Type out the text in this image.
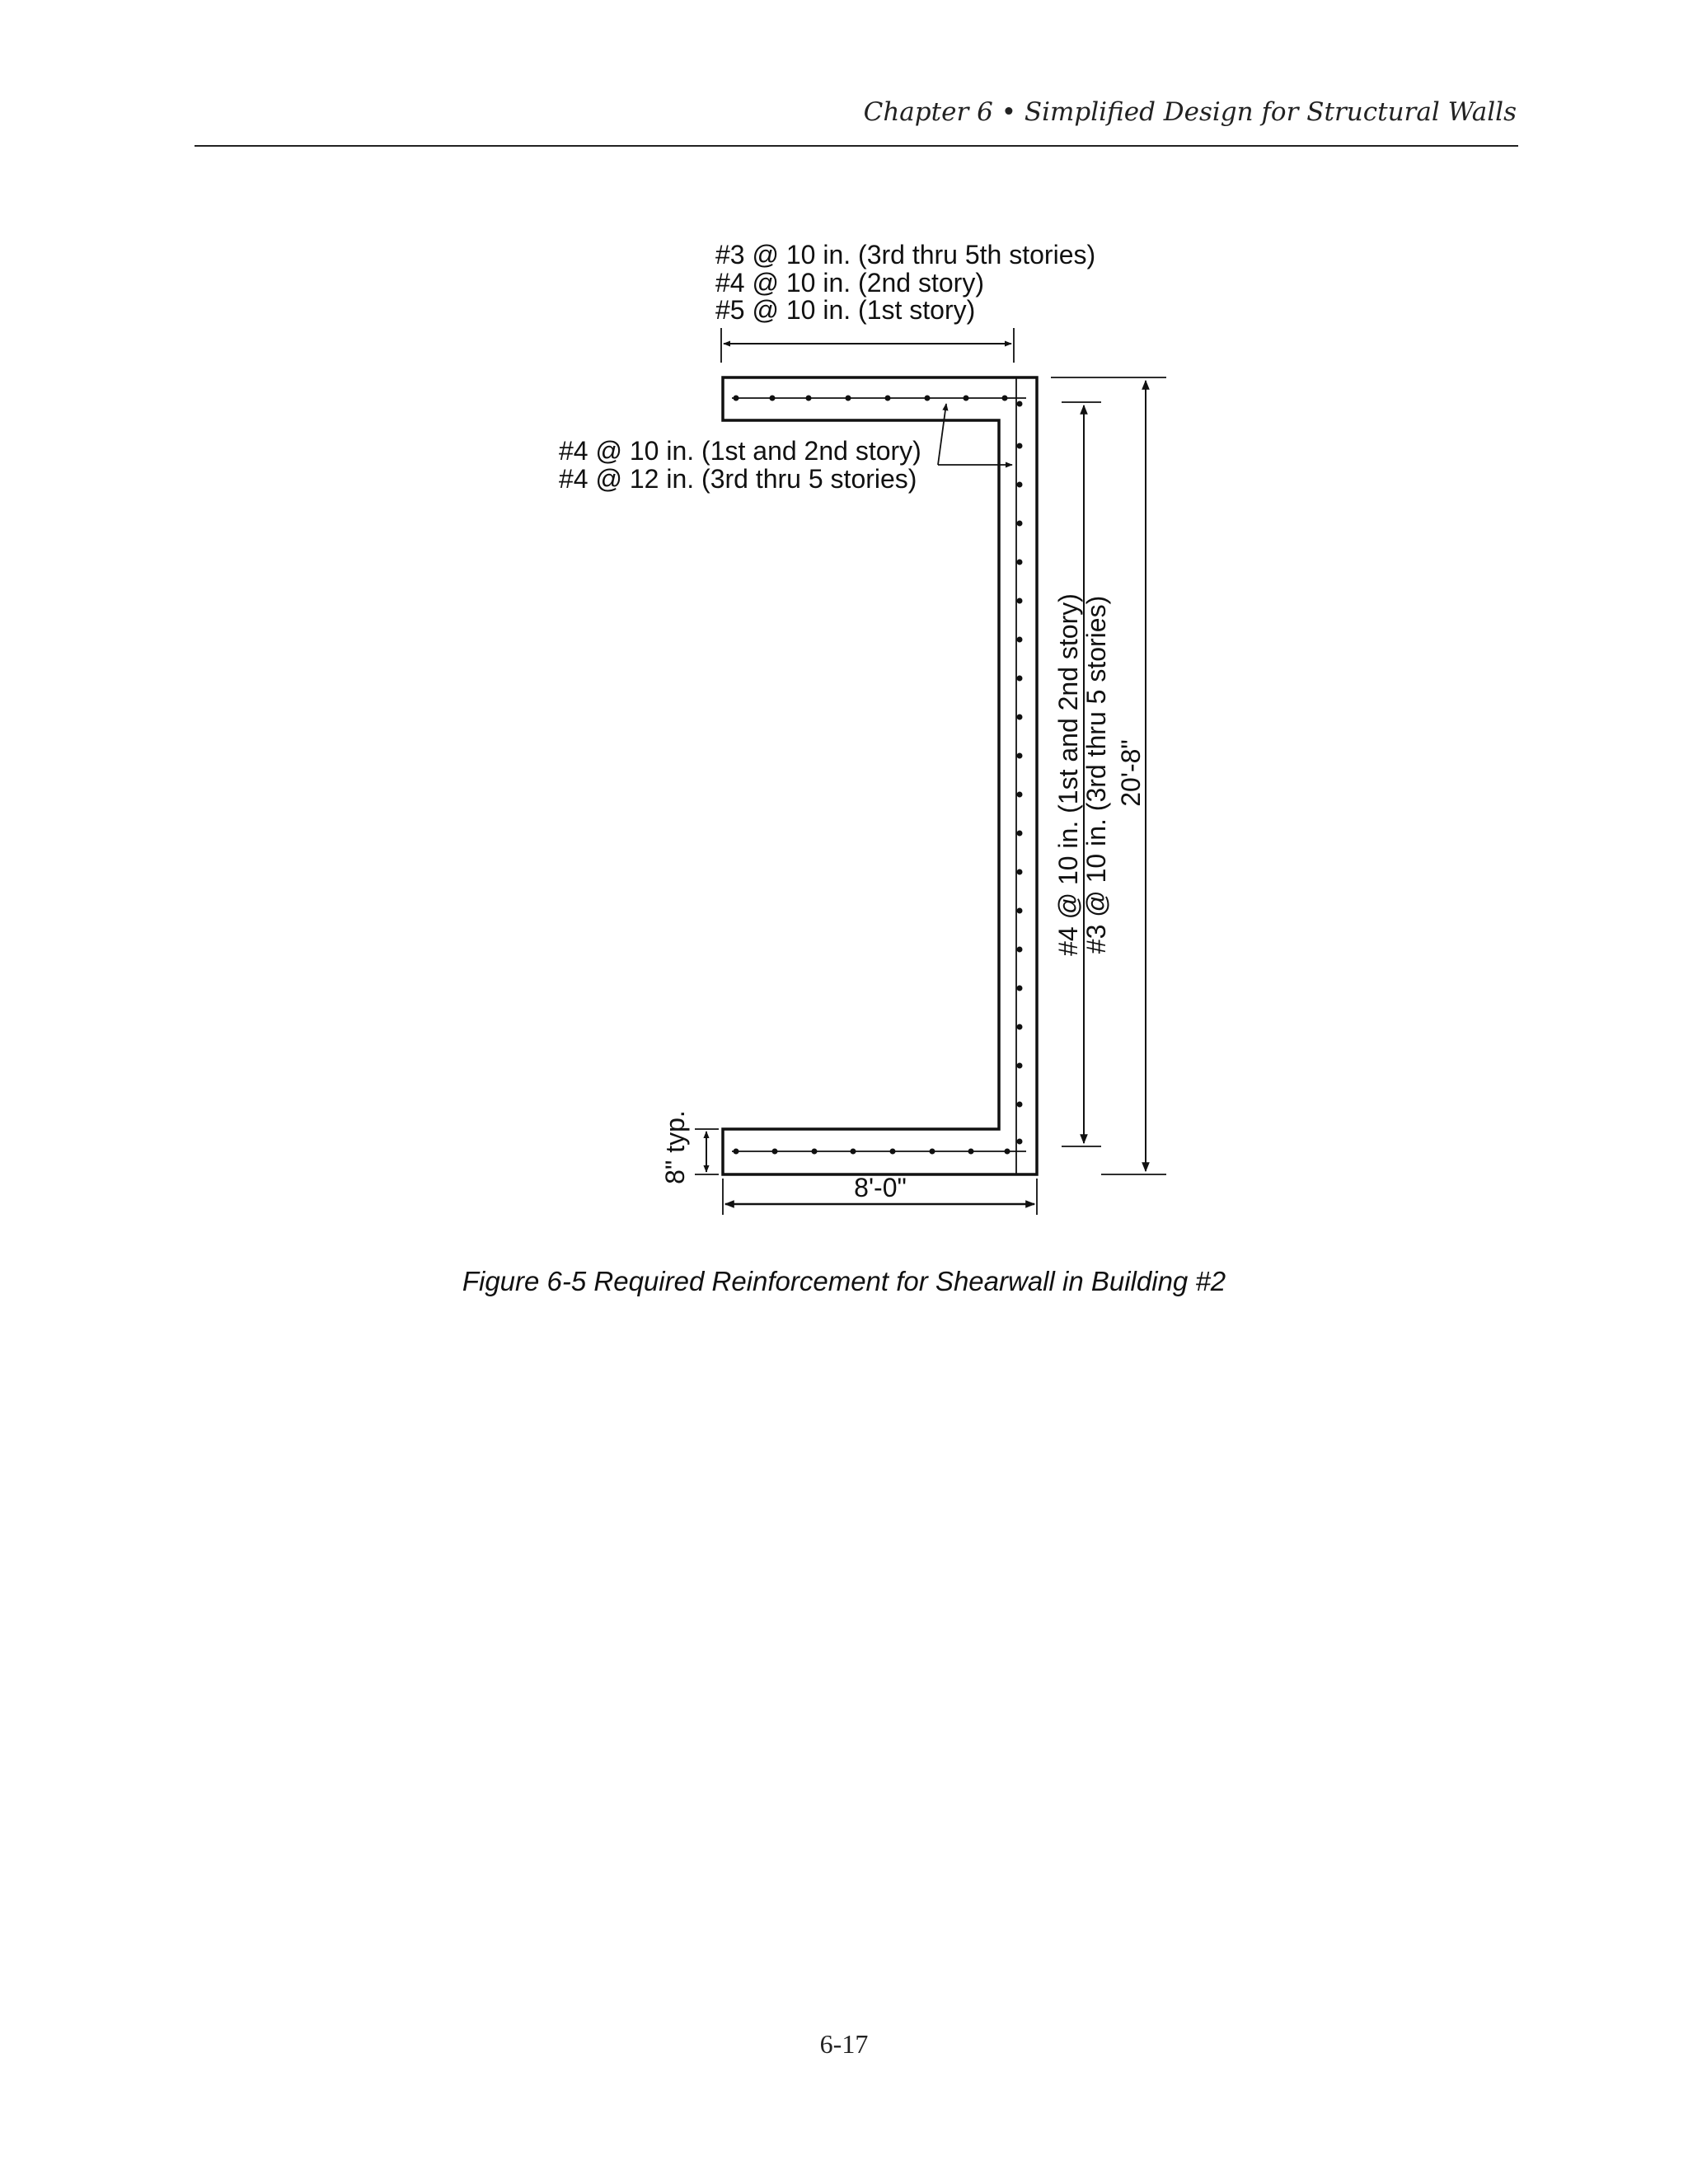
Chapter 6 • Simplified Design for Structural Walls
#3 @ 10 in. (3rd thru 5th stories)
#4 @ 10 in. (2nd story)
#5 @ 10 in. (1st story)
#4 @ 10 in. (1st and 2nd story)
#4 @ 12 in. (3rd thru 5 stories)
#4 @ 10 in. (1st and 2nd story)
#3 @ 10 in. (3rd thru 5 stories) 20'-8"
8" typ.
8'-0"
Figure 6-5 Required Reinforcement for Shearwall in Building #2
6-17
